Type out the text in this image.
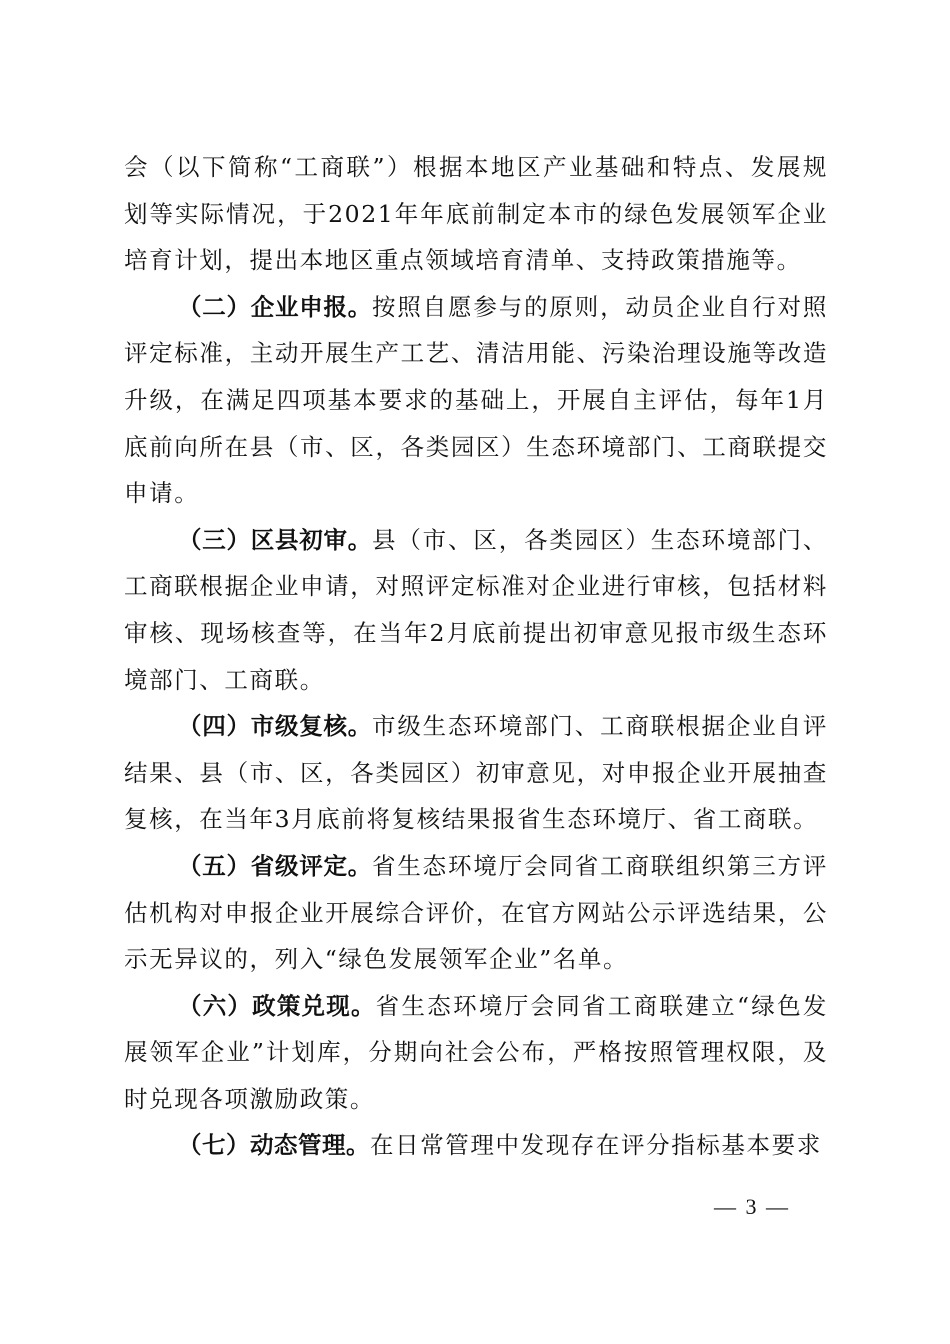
会（以下简称“工商联”）根据本地区产业基础和特点、发展规划等实际情况，于2021年年底前制定本市的绿色发展领军企业培育计划，提出本地区重点领域培育清单、支持政策措施等。

（二）企业申报。按照自愿参与的原则，动员企业自行对照评定标准，主动开展生产工艺、清洁用能、污染治理设施等改造升级，在满足四项基本要求的基础上，开展自主评估，每年1月底前向所在县（市、区，各类园区）生态环境部门、工商联提交申请。

（三）区县初审。县（市、区，各类园区）生态环境部门、工商联根据企业申请，对照评定标准对企业进行审核，包括材料审核、现场核查等，在当年2月底前提出初审意见报市级生态环境部门、工商联。

（四）市级复核。市级生态环境部门、工商联根据企业自评结果、县（市、区，各类园区）初审意见，对申报企业开展抽查复核，在当年3月底前将复核结果报省生态环境厅、省工商联。

（五）省级评定。省生态环境厅会同省工商联组织第三方评估机构对申报企业开展综合评价，在官方网站公示评选结果，公示无异议的，列入“绿色发展领军企业”名单。

（六）政策兑现。省生态环境厅会同省工商联建立“绿色发展领军企业”计划库，分期向社会公布，严格按照管理权限，及时兑现各项激励政策。

（七）动态管理。在日常管理中发现存在评分指标基本要求

— 3 —
